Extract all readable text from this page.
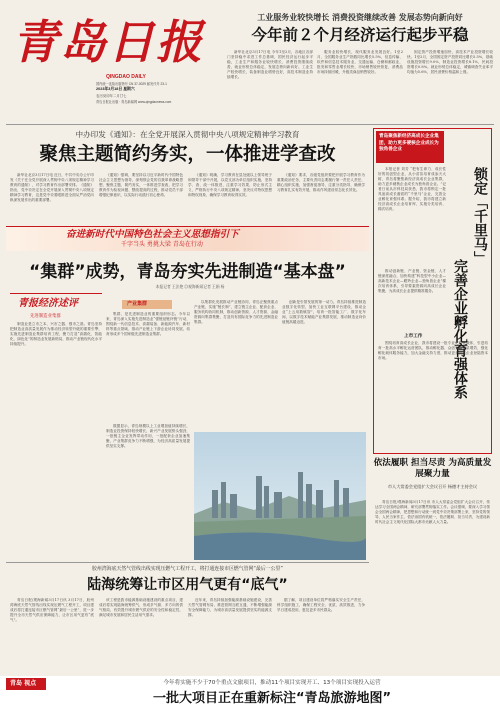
青岛日报
QINGDAO DAILY
国内统一连续出版物号 CN 37-0029 邮发代号 23-1
2023年3月18日 星期六
农历癸卯年二月廿七
青岛日报社出版 · 青岛新闻网 www.qingdaonews.com
工业服务业较快增长 消费投资继续改善 发展态势向新向好
今年前２个月经济运行起步平稳
新华社北京3月17日电 今年1至2月，各地区各部门坚持稳中求进工作总基调，国民经济运行起步平稳，工业生产和服务业较快增长，消费投资继续改善，就业形势总体稳定，发展态势向新向好。工业生产较快增长，装备制造业增势良好，高技术制造业持续增长。
服务业较快增长，现代服务业发展良好。1至2月，全国服务业生产指数同比增长5.5%，信息传输、软件和信息技术服务业，交通运输、仓储和邮政业，批发和零售业增长较快，市场销售较快恢复，消费品市场持续回暖，升级类商品销售较好。
固定资产投资增速加快，高技术产业投资增长较快。1至2月，全国固定资产投资同比增长5.5%，基础设施投资增长9.0%，制造业投资增长8.1%，民间投资增长0.8%。就业形势总体稳定，城镇调查失业率平均值为5.6%，居民消费价格温和上涨。
中办印发《通知》：在全党开展深入贯彻中央八项规定精神学习教育
聚焦主题简约务实，一体推进学查改
新华社北京3月17日电 近日，中共中央办公厅印发《关于在全党开展深入贯彻中央八项规定精神学习教育的通知》，对学习教育作出部署安排。《通知》指出，党中央决定在全党开展深入贯彻中央八项规定精神学习教育，这是党中央着眼推进全面从严治党向纵深发展作出的重要部署。
《通知》强调，要坚持以习近平新时代中国特色社会主义思想为指导，深刻领会党的自我革命战略思想，聚焦主题、简约务实，一体推进学查改，把学习教育作为检视问题、整改提高的过程，推动党员干部增强纪律意识，以实际行动践行初心使命。
《通知》明确，学习教育在县处级以上领导班子和领导干部中开展，以党支部为单位组织实施，坚持学、查、改一体推进，注重学习效果，防止形式主义，严格执行中央八项规定精神，坚决反对特权思想和特权现象，确保学习教育取得实效。
《通知》要求，各级党组织要把开展学习教育作为重要政治任务，主要负责同志要履行第一责任人责任，精心组织实施，加强督促指导，注重分类指导，确保学习教育扎实有效开展，推动作风建设常态化长效化。
奋进新时代中国特色社会主义思想指引下
千字当头 勇挑大梁 青岛在行动
“集群”成势，青岛夯实先进制造“基本盘”
本报记者 王法艳 ◎观海新闻记者 王娟 杨
青报经济述评
先进制造业集群
制造业是立市之本、兴市之器、强市之基。青岛坚持把制造业高质量发展作为推动经济转型升级的重要引擎，实施先进制造业集群培育工程，聚力打造“高端化、智能化、绿色化”的制造业发展新格局，推动产业链现代化水平持续提升。
产业集群
集群，是先进制造业的重要组织形态。今年以来，青岛深入实施先进制造业“强链延链补链”行动，围绕新一代信息技术、高端装备、新能源汽车、新材料等重点领域，推动产业链上下游企业协同发展，培育形成多个国家级先进制造业集群。
数据显示，青岛规模以上工业增加值持续增长，制造业投资保持较快增长，新兴产业发展势头强劲，一批链主企业发挥带动作用，一批配套企业加速集聚，产业集群竞争力不断增强，为经济高质量发展提供坚实支撑。
以集群化发展推动产业链协同，青岛正聚焦重点产业链，实施“链长制”，建立链主企业、配套企业、服务机构协同机制，推动创新资源、人才资源、金融资源向集群集聚，打造具有国际竞争力的先进制造业集群。
创新是引领发展的第一动力。青岛持续推进制造业数字化转型，加快工业互联网平台建设，推动企业“上云用数赋智”，培育一批智能工厂、数字化车间，以数字技术赋能产业集群发展，推动制造业向价值链高端迈进。
胶州湾海底天然气管线出线实现压燃气工程开工，将打通连接市区燃气管网“最后一公里”
陆海统筹让市区用气更有“底气”
青岛日报/观海新闻3月17日讯 3月17日，胶州湾海底天然气管线出线实现压燃气工程开工，项目建成后将打通连接市区燃气管网“最后一公里”，进一步提升全市天然气供应保障能力，让市区用气更有“底气”。
该工程是我市能源基础设施建设的重点项目，建成后将实现陆海统筹供气，形成多气源、多方向的供气格局，有效提升城市燃气供应的安全性和稳定性，满足城市发展和居民生活用气需求。
近年来，青岛持续加强能源基础设施建设，完善天然气管网布局，推进管网互联互通，不断增强能源安全保障能力，为城市高质量发展提供坚实的能源支撑。
据了解，项目建设单位将严格落实安全生产责任，科学组织施工，确保工程安全、优质、高效推进，力争早日建成投用，惠及更多市民群众。
青岛聚焦新经济高成长企业集团，助力更多硬核企业成长为独角兽企业
锁定「千里马」
完善企业孵化育强体系
本报记者 刘芳 “把有生命力、成长性好的初创型企业，从小苗苗培育成参天大树，青岛将聚焦新经济高成长企业集群，助力更多硬核企业成长为独角兽企业。”记者日前从市科技局获悉，我市将锁定一批具备高成长潜质的“千里马”企业，完善企业孵化育强体系。据介绍，我市将建立新经济高成长企业培育库，实施分类培育、梯次培育。
推动创新链、产业链、资金链、人才链深度融合，加快构建“科技型中小企业—高新技术企业—瞪羚企业—独角兽企业”梯次培育体系，引导要素资源向高成长企业集聚，为高成长企业提供精准服务。
上市工作
围绕培育高成长企业，我市将建设一批专业化孵化载体，引进培育一批高水平孵化运营团队，推动孵化器、众创空间提质增效，强化孵化载体服务能力，加大金融支持力度，推动更多优质企业登陆资本市场。
依法履职 担当尽责 为高质量发展聚力量
市人大常委会党组扩大会议召开 杨德才主持会议
青岛日报/观海新闻3月17日讯 市人大常委会党组扩大会议召开，传达学习全国两会精神，研究部署贯彻落实工作。会议强调，要深入学习领会全国两会精神，把思想和行动统一到党中央决策部署上来，坚持党的领导、人民当家作主、依法治国有机统一，依法履职、担当尽责，为建设新时代社会主义现代化国际大都市贡献人大力量。
青岛 视点	今年将实施不少于70个重点文旅项目，推动11个项目实现开工、13个项目实现投入运营
一批大项目正在重新标注“青岛旅游地图”
